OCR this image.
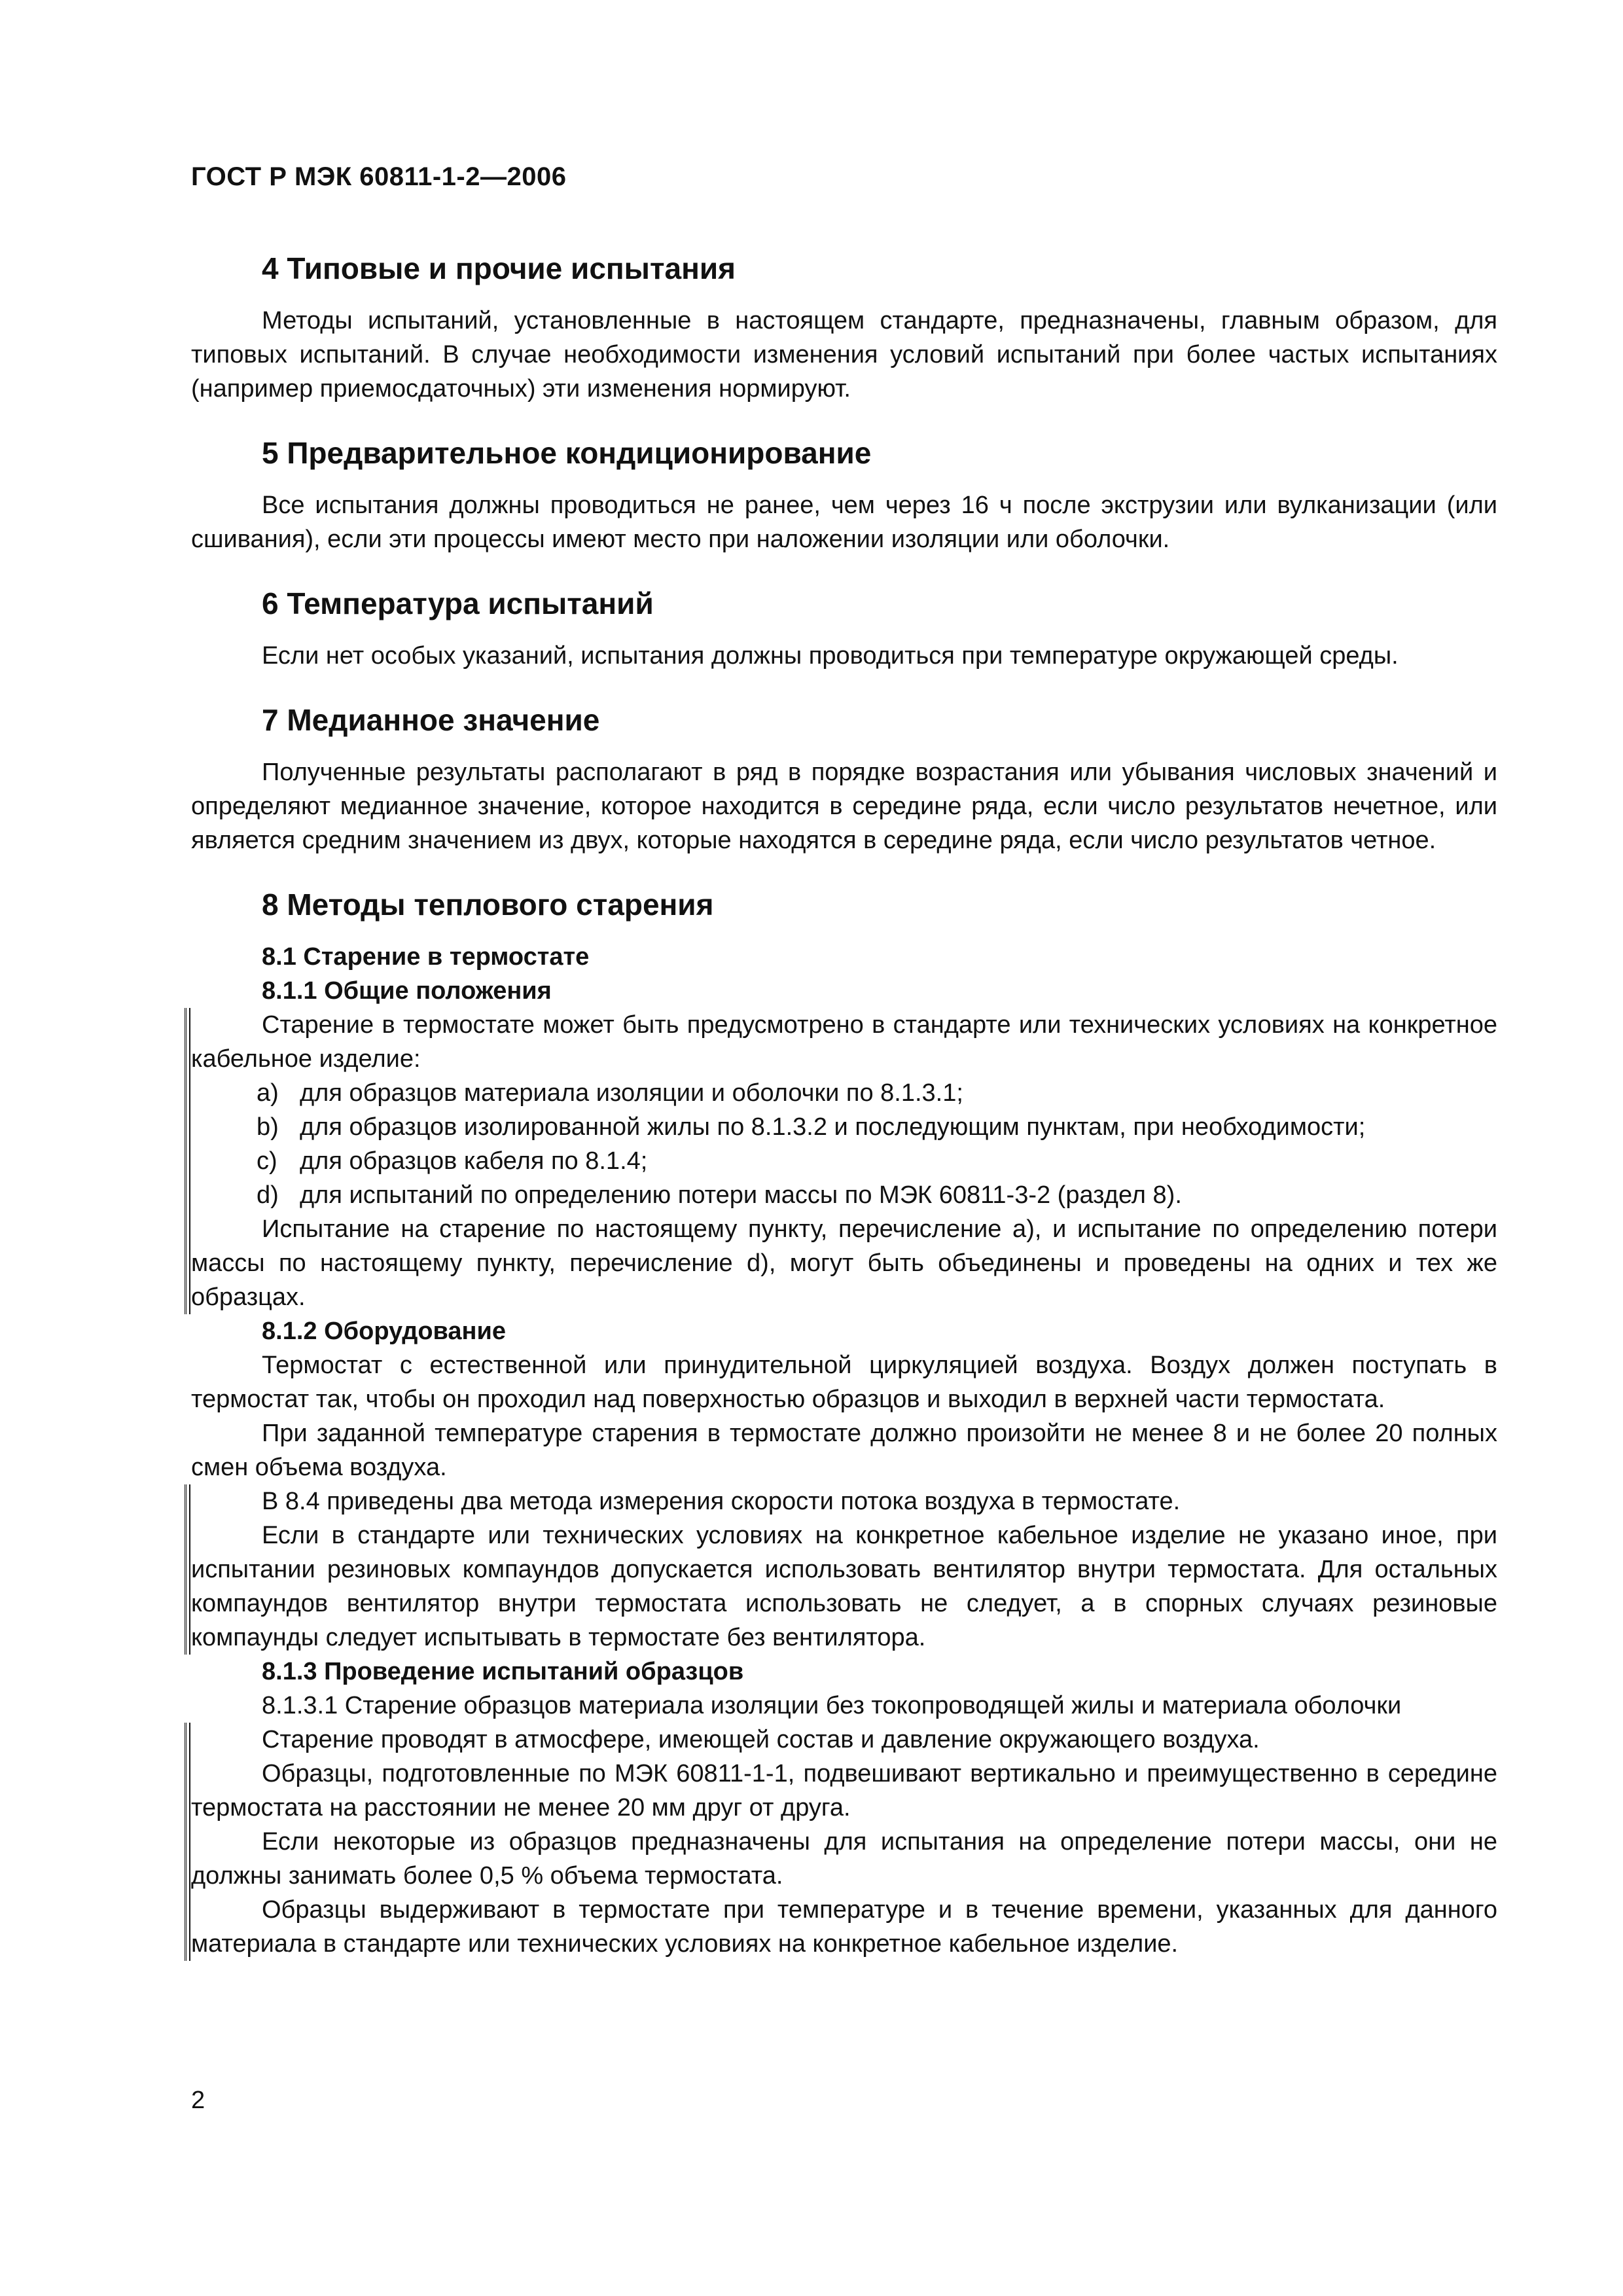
ГОСТ Р МЭК 60811-1-2—2006
4 Типовые и прочие испытания

Методы испытаний, установленные в настоящем стандарте, предназначены, главным образом, для типовых испытаний. В случае необходимости изменения условий испытаний при более частых испытаниях (например приемосдаточных) эти изменения нормируют.

5 Предварительное кондиционирование

Все испытания должны проводиться не ранее, чем через 16 ч после экструзии или вулканизации (или сшивания), если эти процессы имеют место при наложении изоляции или оболочки.

6 Температура испытаний

Если нет особых указаний, испытания должны проводиться при температуре окружающей среды.

7 Медианное значение

Полученные результаты располагают в ряд в порядке возрастания или убывания числовых значений и определяют медианное значение, которое находится в середине ряда, если число результатов нечетное, или является средним значением из двух, которые находятся в середине ряда, если число результатов четное.

8 Методы теплового старения
8.1 Старение в термостате
8.1.1 Общие положения

Старение в термостате может быть предусмотрено в стандарте или технических условиях на конкретное кабельное изделие:

а) для образцов материала изоляции и оболочки по 8.1.3.1;

b) для образцов изолированной жилы по 8.1.3.2 и последующим пунктам, при необходимости;

с) для образцов кабеля по 8.1.4;

d) для испытаний по определению потери массы по МЭК 60811-3-2 (раздел 8).

Испытание на старение по настоящему пункту, перечисление а), и испытание по определению потери массы по настоящему пункту, перечисление d), могут быть объединены и проведены на одних и тех же образцах.

8.1.2 Оборудование

Термостат с естественной или принудительной циркуляцией воздуха. Воздух должен поступать в термостат так, чтобы он проходил над поверхностью образцов и выходил в верхней части термостата.

При заданной температуре старения в термостате должно произойти не менее 8 и не более 20 полных смен объема воздуха.

В 8.4 приведены два метода измерения скорости потока воздуха в термостате.

Если в стандарте или технических условиях на конкретное кабельное изделие не указано иное, при испытании резиновых компаундов допускается использовать вентилятор внутри термостата. Для остальных компаундов вентилятор внутри термостата использовать не следует, а в спорных случаях резиновые компаунды следует испытывать в термостате без вентилятора.

8.1.3 Проведение испытаний образцов

8.1.3.1 Старение образцов материала изоляции без токопроводящей жилы и материала оболочки

Старение проводят в атмосфере, имеющей состав и давление окружающего воздуха.

Образцы, подготовленные по МЭК 60811-1-1, подвешивают вертикально и преимущественно в середине термостата на расстоянии не менее 20 мм друг от друга.

Если некоторые из образцов предназначены для испытания на определение потери массы, они не должны занимать более 0,5 % объема термостата.

Образцы выдерживают в термостате при температуре и в течение времени, указанных для данного материала в стандарте или технических условиях на конкретное кабельное изделие.

2
